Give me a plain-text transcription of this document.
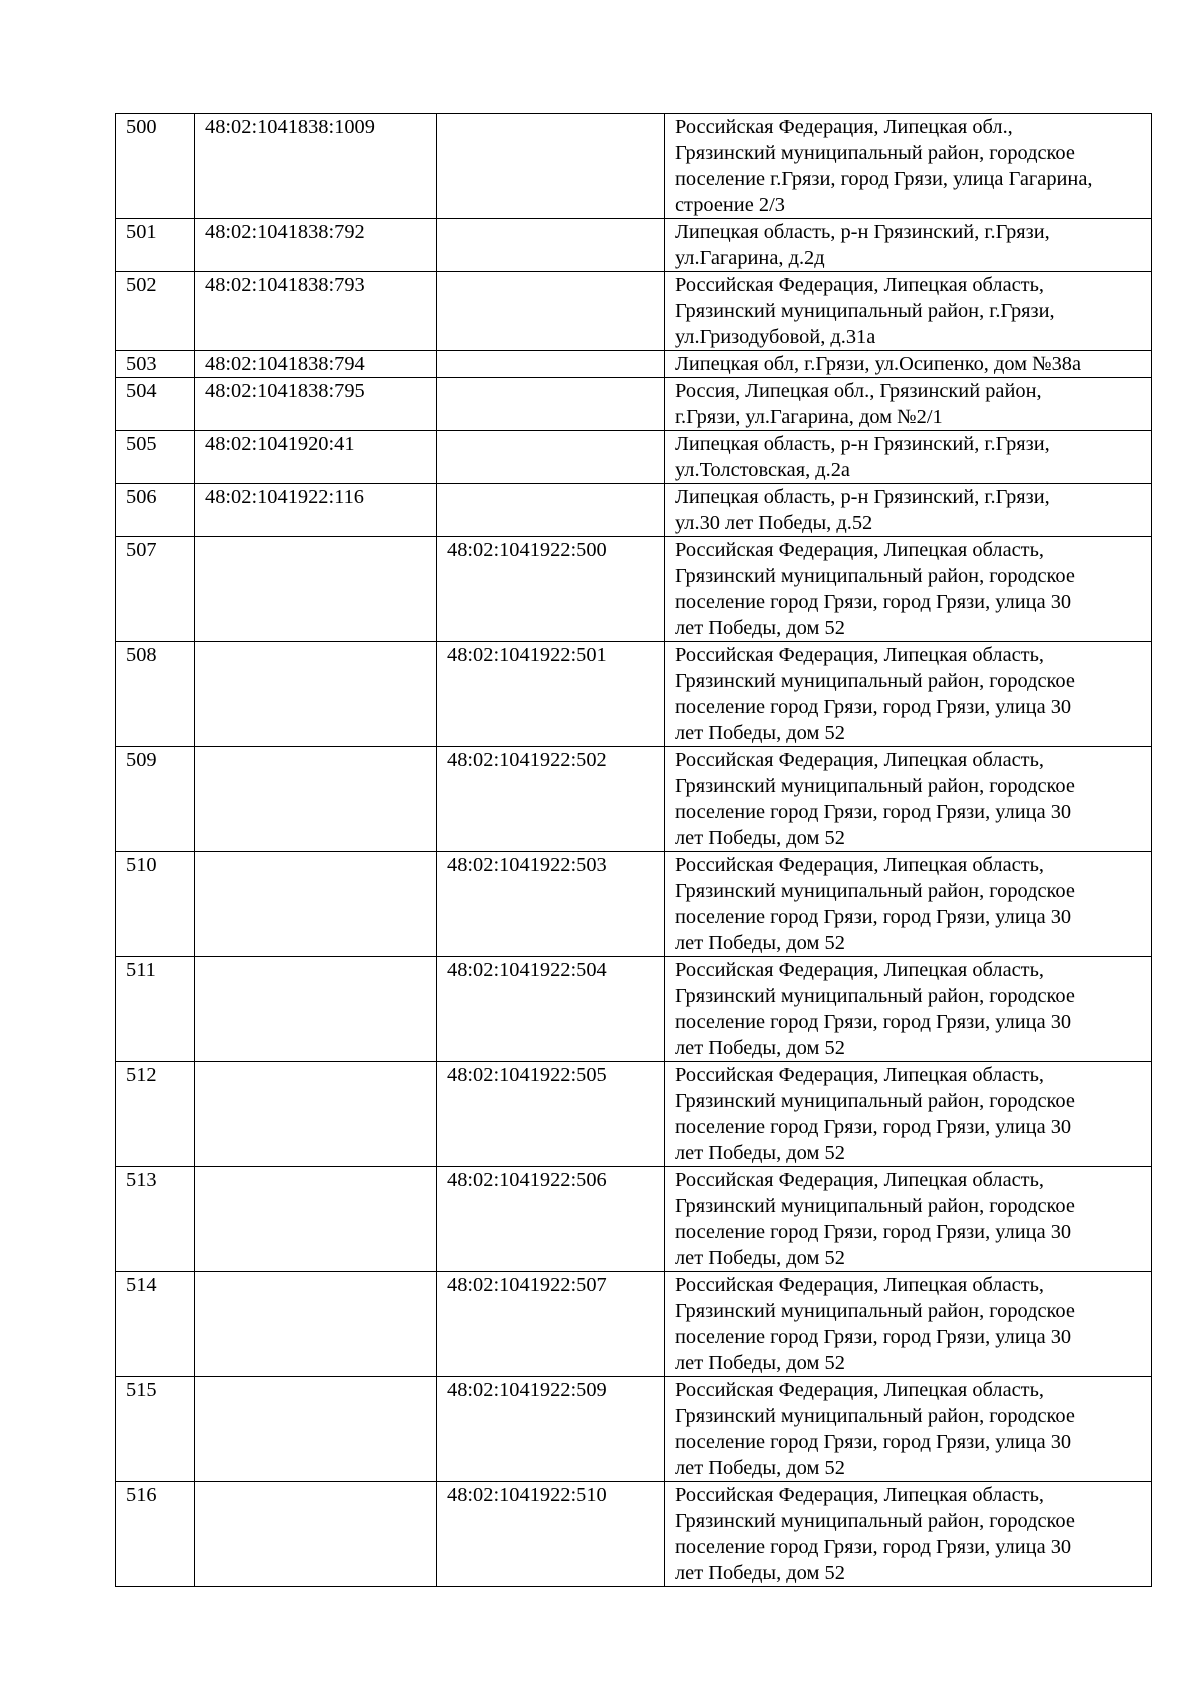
500	48:02:1041838:1009		Российская Федерация, Липецкая обл.,
Грязинский муниципальный район, городское
поселение г.Грязи, город Грязи, улица Гагарина,
строение 2/3
501	48:02:1041838:792		Липецкая область, р-н Грязинский, г.Грязи,
ул.Гагарина, д.2д
502	48:02:1041838:793		Российская Федерация, Липецкая область,
Грязинский муниципальный район, г.Грязи,
ул.Гризодубовой, д.31а
503	48:02:1041838:794		Липецкая обл, г.Грязи, ул.Осипенко, дом №38а
504	48:02:1041838:795		Россия, Липецкая обл., Грязинский район,
г.Грязи, ул.Гагарина, дом №2/1
505	48:02:1041920:41		Липецкая область, р-н Грязинский, г.Грязи,
ул.Толстовская, д.2а
506	48:02:1041922:116		Липецкая область, р-н Грязинский, г.Грязи,
ул.30 лет Победы, д.52
507		48:02:1041922:500	Российская Федерация, Липецкая область,
Грязинский муниципальный район, городское
поселение город Грязи, город Грязи, улица 30
лет Победы, дом 52
508		48:02:1041922:501	Российская Федерация, Липецкая область,
Грязинский муниципальный район, городское
поселение город Грязи, город Грязи, улица 30
лет Победы, дом 52
509		48:02:1041922:502	Российская Федерация, Липецкая область,
Грязинский муниципальный район, городское
поселение город Грязи, город Грязи, улица 30
лет Победы, дом 52
510		48:02:1041922:503	Российская Федерация, Липецкая область,
Грязинский муниципальный район, городское
поселение город Грязи, город Грязи, улица 30
лет Победы, дом 52
511		48:02:1041922:504	Российская Федерация, Липецкая область,
Грязинский муниципальный район, городское
поселение город Грязи, город Грязи, улица 30
лет Победы, дом 52
512		48:02:1041922:505	Российская Федерация, Липецкая область,
Грязинский муниципальный район, городское
поселение город Грязи, город Грязи, улица 30
лет Победы, дом 52
513		48:02:1041922:506	Российская Федерация, Липецкая область,
Грязинский муниципальный район, городское
поселение город Грязи, город Грязи, улица 30
лет Победы, дом 52
514		48:02:1041922:507	Российская Федерация, Липецкая область,
Грязинский муниципальный район, городское
поселение город Грязи, город Грязи, улица 30
лет Победы, дом 52
515		48:02:1041922:509	Российская Федерация, Липецкая область,
Грязинский муниципальный район, городское
поселение город Грязи, город Грязи, улица 30
лет Победы, дом 52
516		48:02:1041922:510	Российская Федерация, Липецкая область,
Грязинский муниципальный район, городское
поселение город Грязи, город Грязи, улица 30
лет Победы, дом 52
